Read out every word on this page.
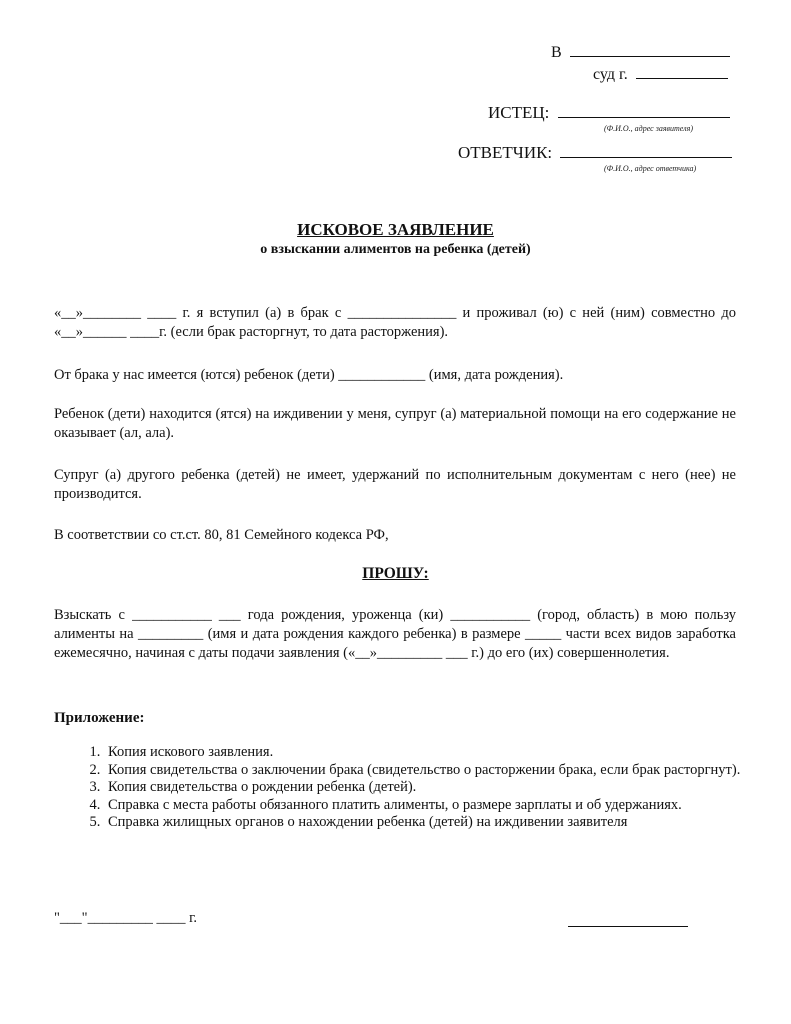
В
суд г.
ИСТЕЦ:
(Ф.И.О., адрес заявителя)
ОТВЕТЧИК:
(Ф.И.О., адрес ответчика)
ИСКОВОЕ ЗАЯВЛЕНИЕ
о взыскании алиментов на ребенка (детей)
«__»________ ____ г. я вступил (а) в брак с _______________ и проживал (ю) с ней (ним) совместно до «__»______ ____г. (если брак расторгнут, то дата расторжения).
От брака у нас имеется (ются) ребенок (дети) ____________ (имя, дата рождения).
Ребенок (дети) находится (ятся) на иждивении у меня, супруг (а) материальной помощи на его содержание не оказывает (ал, ала).
Супруг (а) другого ребенка (детей) не имеет, удержаний по исполнительным документам с него (нее) не производится.
В соответствии со ст.ст. 80, 81 Семейного кодекса РФ,
ПРОШУ:
Взыскать с ___________ ___ года рождения, уроженца (ки) ___________ (город, область) в мою пользу алименты на _________ (имя и дата рождения каждого ребенка) в размере _____ части всех видов заработка ежемесячно, начиная с даты подачи заявления («__»_________ ___ г.) до его (их) совершеннолетия.
Приложение:
1. Копия искового заявления.
2. Копия свидетельства о заключении брака (свидетельство о расторжении брака, если брак расторгнут).
3. Копия свидетельства о рождении ребенка (детей).
4. Справка с места работы обязанного платить алименты, о размере зарплаты и об удержаниях.
5. Справка жилищных органов о нахождении ребенка (детей) на иждивении заявителя
"___"_________ ____ г.
